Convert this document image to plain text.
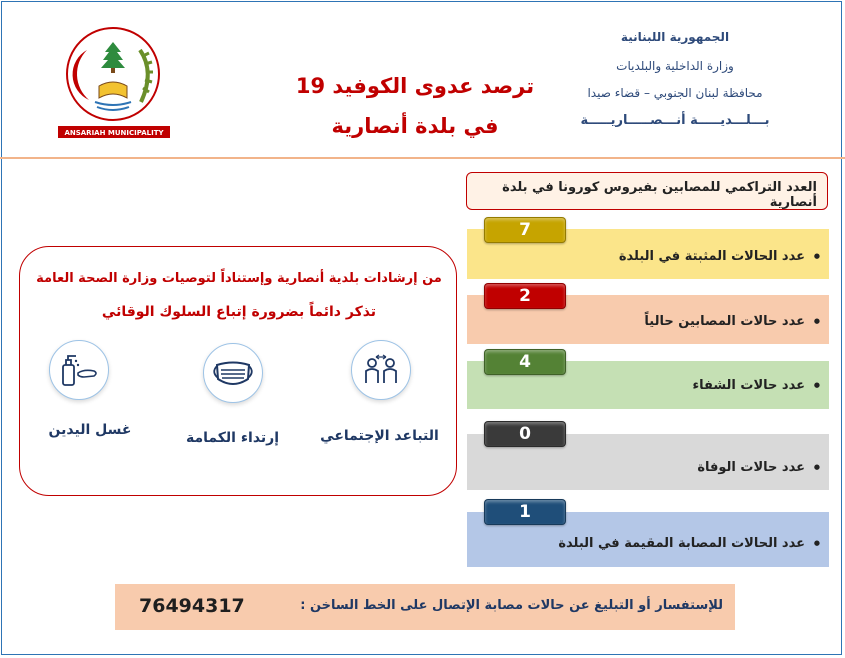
ANSARIAH MUNICIPALITY
ترصد عدوى الكوفيد 19
في بلدة أنصارية
الجمهورية اللبنانية
وزارة الداخلية والبلديات
محافظة لبنان الجنوبي – قضاء صيدا
بـــلـــديـــــة أنـــصـــــاريـــــة
العدد التراكمي للمصابين بفيروس كورونا في بلدة أنصارية
عدد الحالات المثبتة في البلدة ●
7
عدد حالات المصابين حالياً ●
2
عدد حالات الشفاء ●
4
عدد حالات الوفاة ●
0
عدد الحالات المصابة المقيمة في البلدة ●
1
من إرشادات بلدية أنصارية وإستناداً لتوصيات وزارة الصحة العامة
تذكر دائماً بضرورة إتباع السلوك الوقائي
التباعد الإجتماعي
إرتداء الكمامة
غسل اليدين
للإستفسار أو التبليغ عن حالات مصابة الإتصال على الخط الساخن :
76494317
